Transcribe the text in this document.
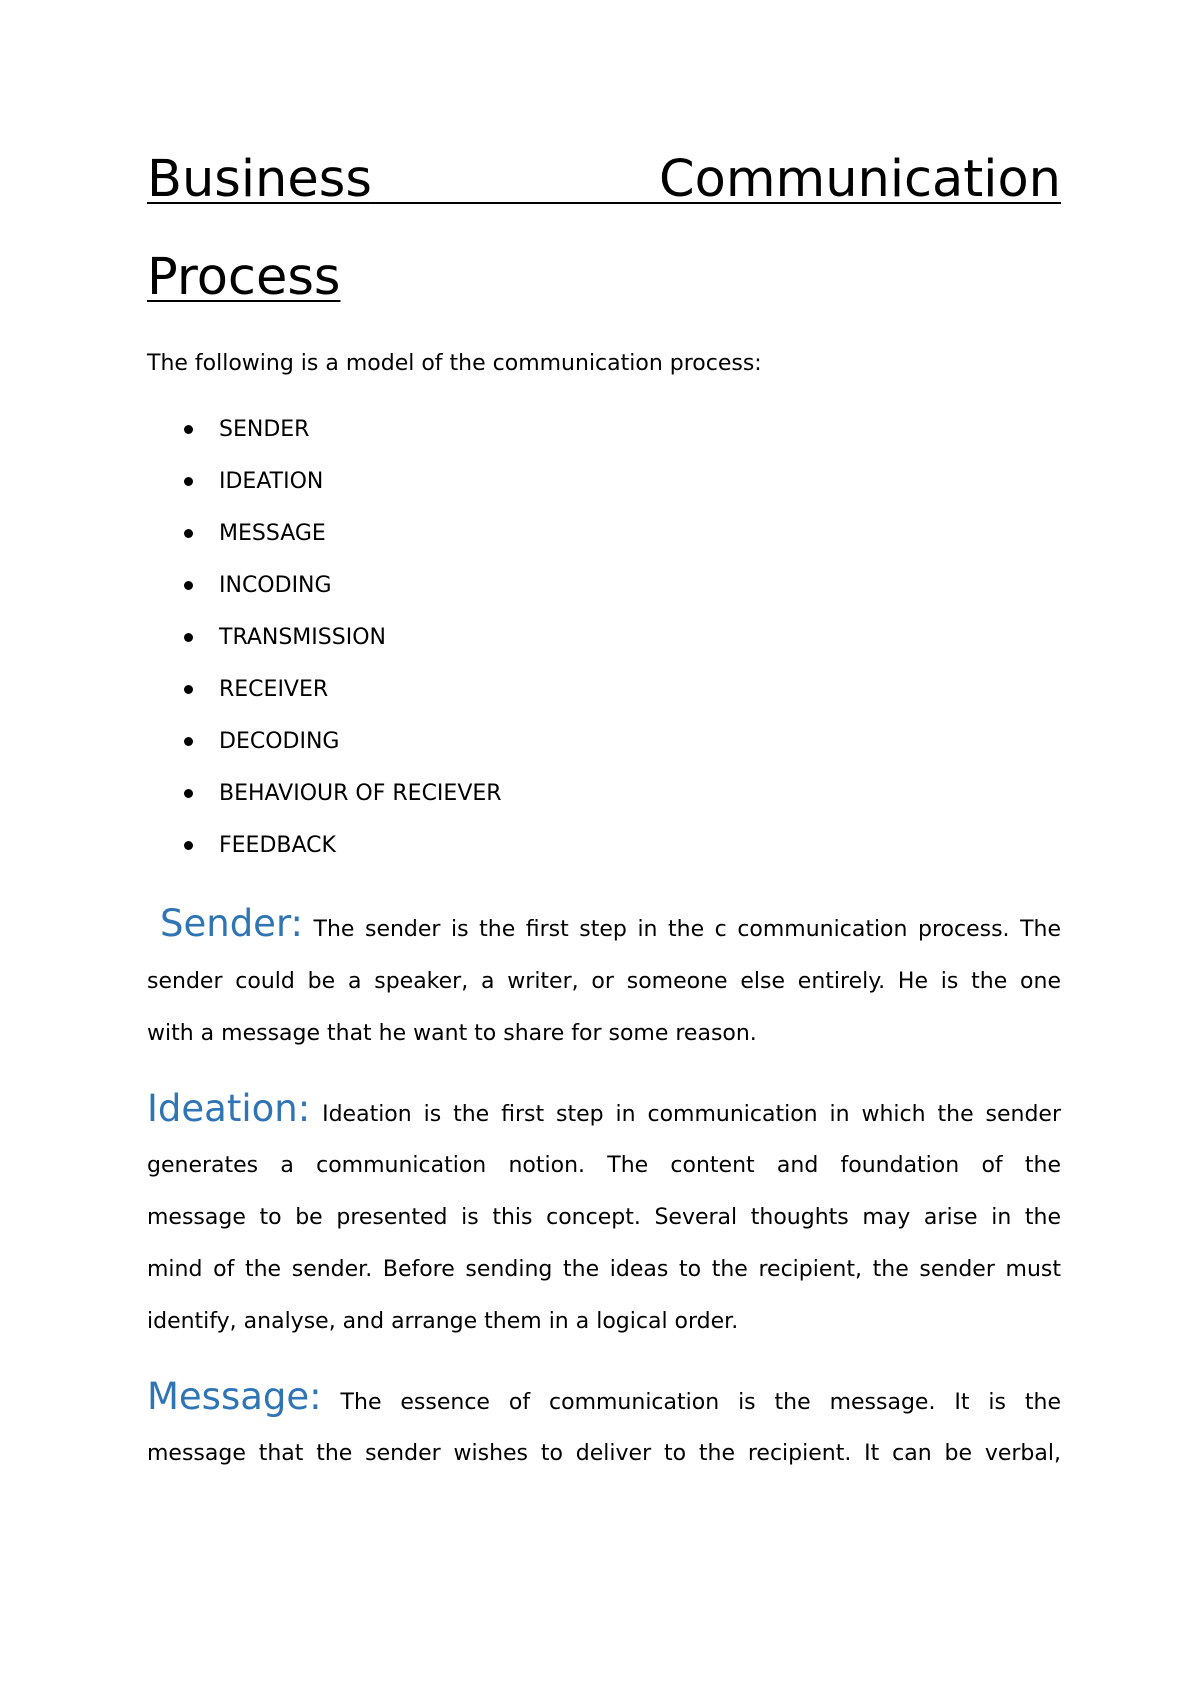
Business	Communication
Process
The following is a model of the communication process:
SENDER
IDEATION
MESSAGE
INCODING
TRANSMISSION
RECEIVER
DECODING
BEHAVIOUR OF RECIEVER
FEEDBACK

Sender: The sender is the first step in the c communication process. The

sender could be a speaker, a writer, or someone else entirely. He is the one

with a message that he want to share for some reason.

Ideation: Ideation is the first step in communication in which the sender

generates a communication notion. The content and foundation of the

message to be presented is this concept. Several thoughts may arise in the

mind of the sender. Before sending the ideas to the recipient, the sender must

identify, analyse, and arrange them in a logical order.

Message: The essence of communication is the message. It is the

message that the sender wishes to deliver to the recipient. It can be verbal,
